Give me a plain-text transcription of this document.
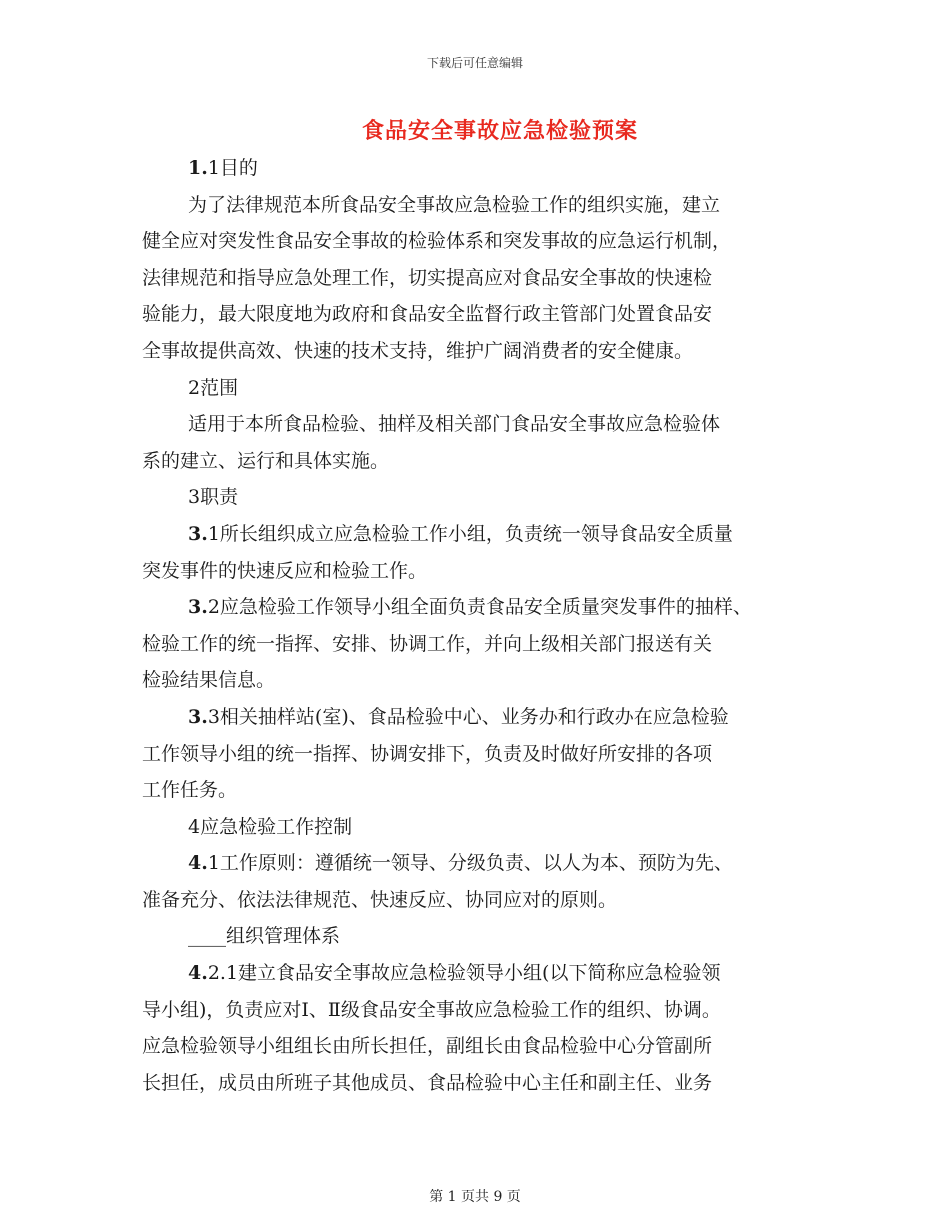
下载后可任意编辑
食品安全事故应急检验预案

1.1目的

为了法律规范本所食品安全事故应急检验工作的组织实施，建立
健全应对突发性食品安全事故的检验体系和突发事故的应急运行机制，
法律规范和指导应急处理工作，切实提高应对食品安全事故的快速检
验能力，最大限度地为政府和食品安全监督行政主管部门处置食品安
全事故提供高效、快速的技术支持，维护广阔消费者的安全健康。

2范围

适用于本所食品检验、抽样及相关部门食品安全事故应急检验体
系的建立、运行和具体实施。

3职责

3.1所长组织成立应急检验工作小组，负责统一领导食品安全质量
突发事件的快速反应和检验工作。

3.2应急检验工作领导小组全面负责食品安全质量突发事件的抽样、
检验工作的统一指挥、安排、协调工作，并向上级相关部门报送有关
检验结果信息。

3.3相关抽样站(室)、食品检验中心、业务办和行政办在应急检验
工作领导小组的统一指挥、协调安排下，负责及时做好所安排的各项
工作任务。

4应急检验工作控制

4.1工作原则：遵循统一领导、分级负责、以人为本、预防为先、
准备充分、依法法律规范、快速反应、协同应对的原则。

____组织管理体系

4.2.1建立食品安全事故应急检验领导小组(以下简称应急检验领
导小组)，负责应对Ⅰ、Ⅱ级食品安全事故应急检验工作的组织、协调。
应急检验领导小组组长由所长担任，副组长由食品检验中心分管副所
长担任，成员由所班子其他成员、食品检验中心主任和副主任、业务

第 1 页共 9 页
